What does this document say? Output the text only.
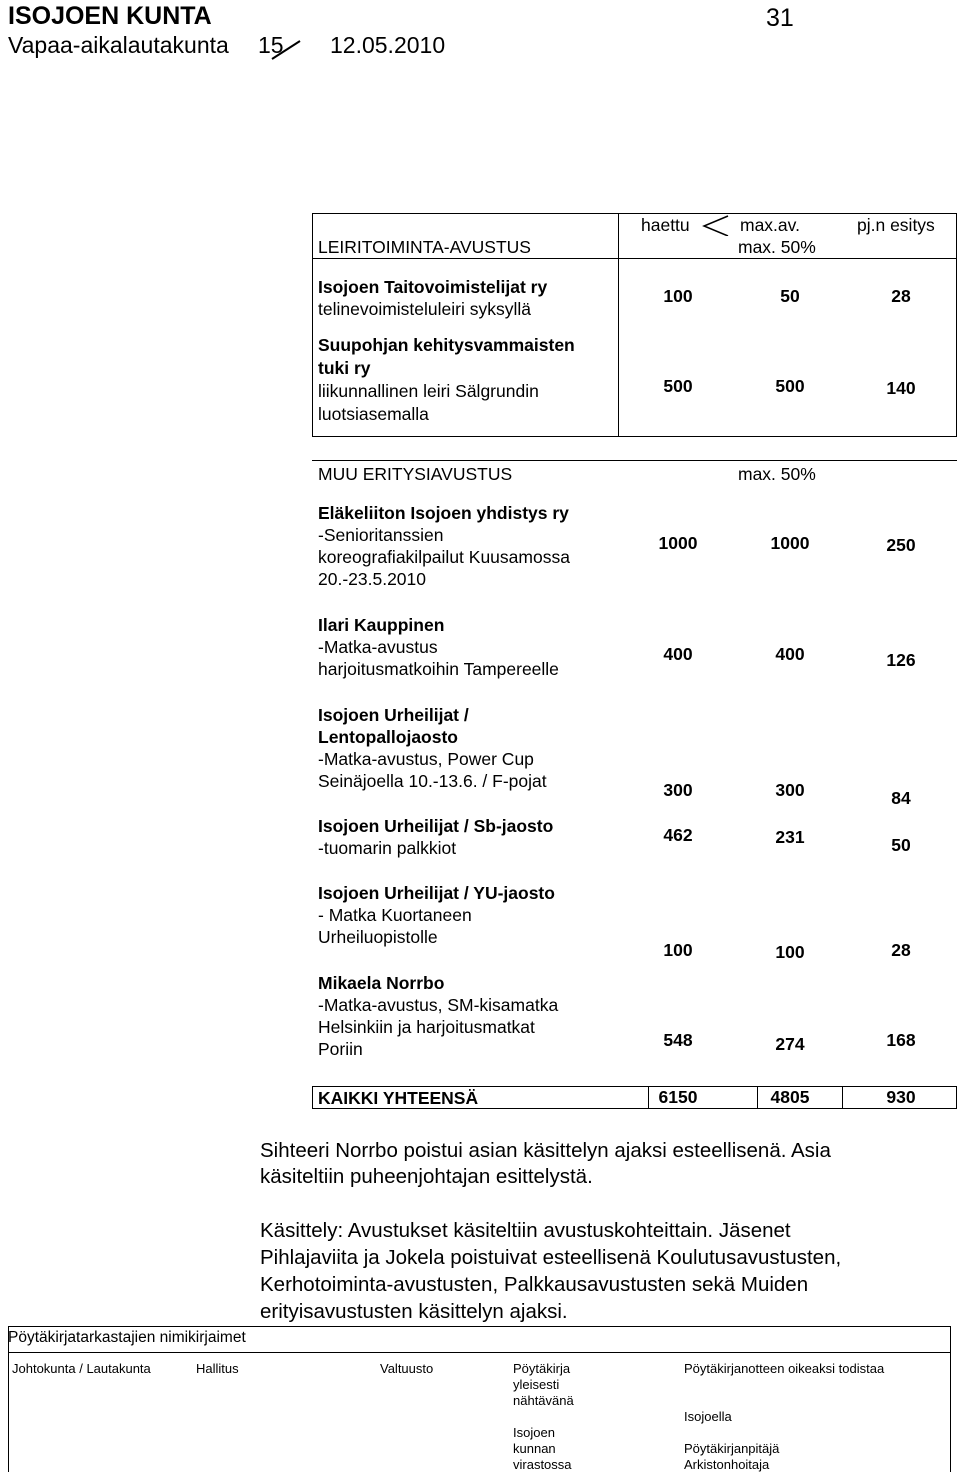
ISOJOEN KUNTA	31
Vapaa-aikalautakunta 15 12.05.2010
haettu	max.av.	pj.n esitys
LEIRITOIMINTA-AVUSTUS	max. 50%
Isojoen Taitovoimistelijat ry
telinevoimisteluleiri syksyllä
100	50	28
Suupohjan kehitysvammaisten
tuki ry
liikunnallinen leiri Sälgrundin
luotsiasemalla
500	500	140
MUU ERITYSIAVUSTUS	max. 50%
Eläkeliiton Isojoen yhdistys ry
-Senioritanssien
koreografiakilpailut Kuusamossa
20.-23.5.2010
1000	1000	250
Ilari Kauppinen
-Matka-avustus
harjoitusmatkoihin Tampereelle
400	400	126
Isojoen Urheilijat /
Lentopallojaosto
-Matka-avustus, Power Cup
Seinäjoella 10.-13.6. / F-pojat	300	300	84
Isojoen Urheilijat / Sb-jaosto
-tuomarin palkkiot
462	231	50
Isojoen Urheilijat / YU-jaosto
- Matka Kuortaneen
Urheiluopistolle
100	100	28
Mikaela Norrbo
-Matka-avustus, SM-kisamatka
Helsinkiin ja harjoitusmatkat
Poriin	548	274	168
KAIKKI YHTEENSÄ	6150	4805	930
Sihteeri Norrbo poistui asian käsittelyn ajaksi esteellisenä. Asia
käsiteltiin puheenjohtajan esittelystä.
Käsittely: Avustukset käsiteltiin avustuskohteittain. Jäsenet
Pihlajaviita ja Jokela poistuivat esteellisenä Koulutusavustusten,
Kerhotoiminta-avustusten, Palkkausavustusten sekä Muiden
erityisavustusten käsittelyn ajaksi.
Pöytäkirjatarkastajien nimikirjaimet
Johtokunta / Lautakunta	Hallitus	Valtuusto	Pöytäkirja
yleisesti
nähtävänä
Isojoen
kunnan
virastossa
Pöytäkirjanotteen oikeaksi todistaa
Isojoella
Pöytäkirjanpitäjä
Arkistonhoitaja
